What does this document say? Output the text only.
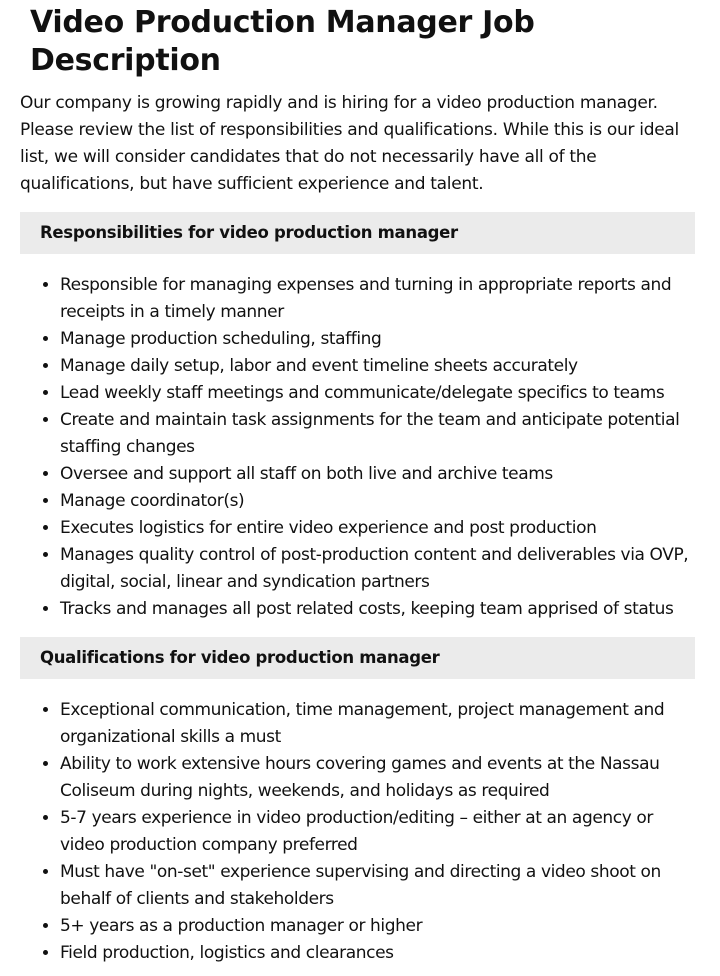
Video Production Manager Job Description

Our company is growing rapidly and is hiring for a video production manager. Please review the list of responsibilities and qualifications. While this is our ideal list, we will consider candidates that do not necessarily have all of the qualifications, but have sufficient experience and talent.

Responsibilities for video production manager
• Responsible for managing expenses and turning in appropriate reports and receipts in a timely manner
• Manage production scheduling, staffing
• Manage daily setup, labor and event timeline sheets accurately
• Lead weekly staff meetings and communicate/delegate specifics to teams
• Create and maintain task assignments for the team and anticipate potential staffing changes
• Oversee and support all staff on both live and archive teams
• Manage coordinator(s)
• Executes logistics for entire video experience and post production
• Manages quality control of post-production content and deliverables via OVP, digital, social, linear and syndication partners
• Tracks and manages all post related costs, keeping team apprised of status
Qualifications for video production manager
• Exceptional communication, time management, project management and organizational skills a must
• Ability to work extensive hours covering games and events at the Nassau Coliseum during nights, weekends, and holidays as required
• 5-7 years experience in video production/editing – either at an agency or video production company preferred
• Must have "on-set" experience supervising and directing a video shoot on behalf of clients and stakeholders
• 5+ years as a production manager or higher
• Field production, logistics and clearances
